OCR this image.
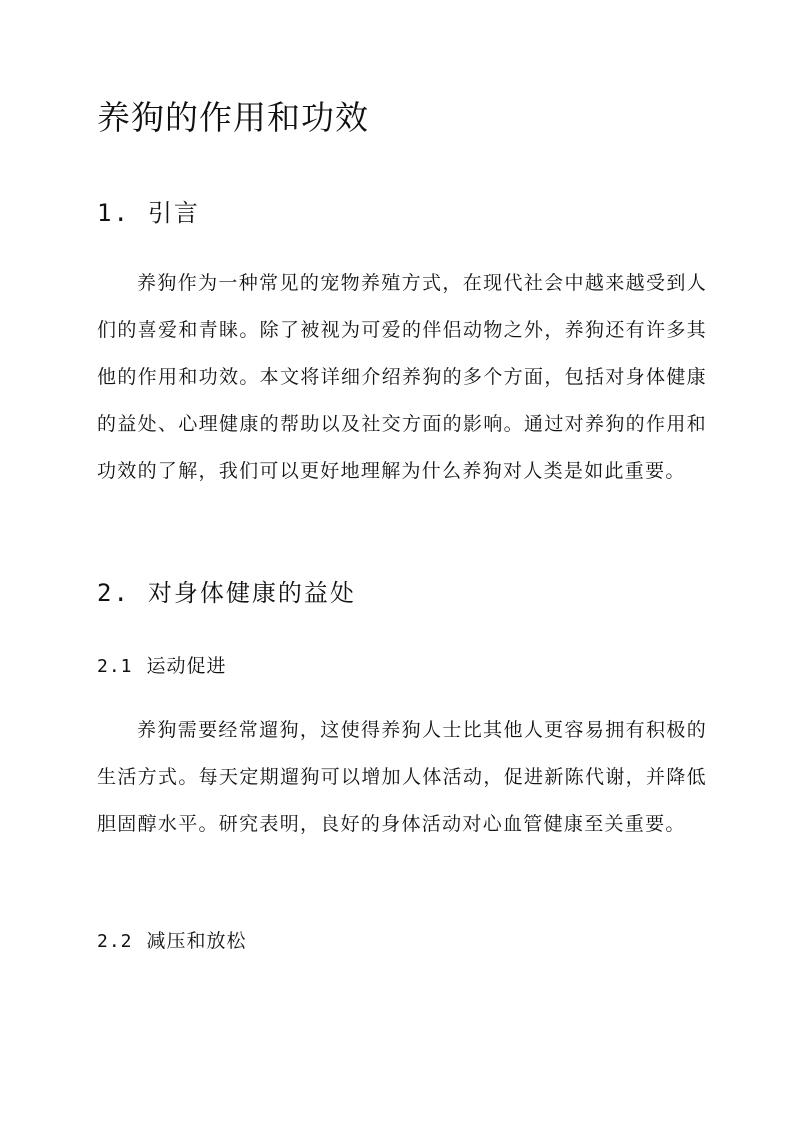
养狗的作用和功效
1. 引言

养狗作为一种常见的宠物养殖方式，在现代社会中越来越受到人们的喜爱和青睐。除了被视为可爱的伴侣动物之外，养狗还有许多其他的作用和功效。本文将详细介绍养狗的多个方面，包括对身体健康的益处、心理健康的帮助以及社交方面的影响。通过对养狗的作用和功效的了解，我们可以更好地理解为什么养狗对人类是如此重要。

2. 对身体健康的益处
2.1 运动促进

养狗需要经常遛狗，这使得养狗人士比其他人更容易拥有积极的生活方式。每天定期遛狗可以增加人体活动，促进新陈代谢，并降低胆固醇水平。研究表明，良好的身体活动对心血管健康至关重要。

2.2 减压和放松
